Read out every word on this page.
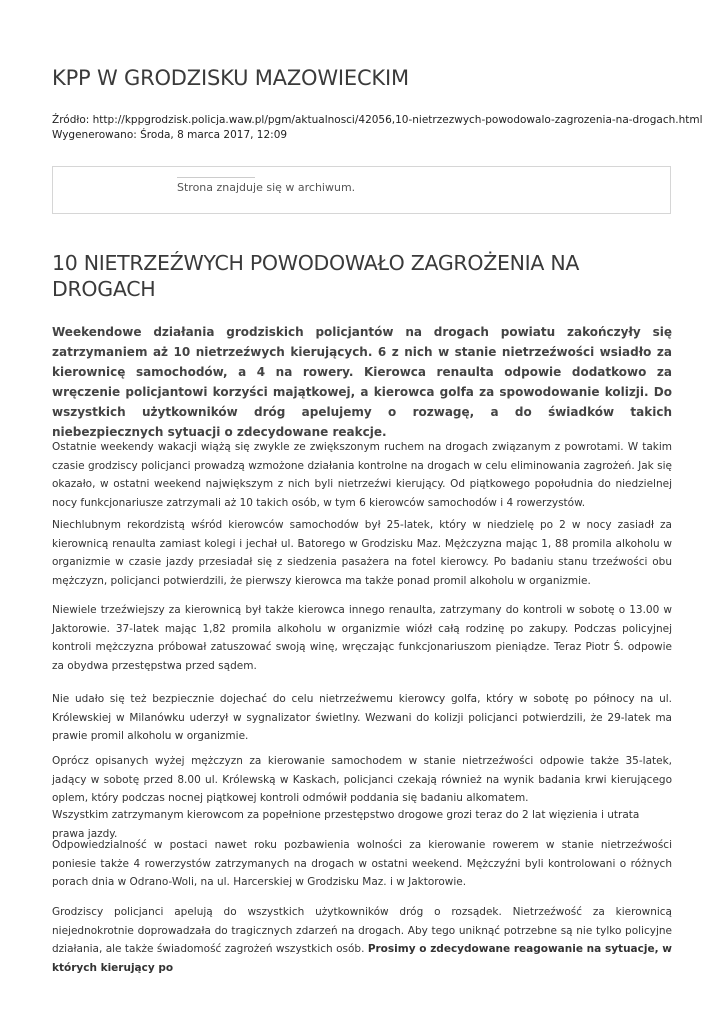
KPP W GRODZISKU MAZOWIECKIM
Źródło: http://kppgrodzisk.policja.waw.pl/pgm/aktualnosci/42056,10-nietrzezwych-powodowalo-zagrozenia-na-drogach.html
Wygenerowano: Środa, 8 marca 2017, 12:09
Strona znajduje się w archiwum.
10 NIETRZEŹWYCH POWODOWAŁO ZAGROŻENIA NA DROGACH

Weekendowe działania grodziskich policjantów na drogach powiatu zakończyły się zatrzymaniem aż 10 nietrzeźwych kierujących. 6 z nich w stanie nietrzeźwości wsiadło za kierownicę samochodów, a 4 na rowery. Kierowca renaulta odpowie dodatkowo za wręczenie policjantowi korzyści majątkowej, a kierowca golfa za spowodowanie kolizji. Do wszystkich użytkowników dróg apelujemy o rozwagę, a do świadków takich niebezpiecznych sytuacji o zdecydowane reakcje.

Ostatnie weekendy wakacji wiążą się zwykle ze zwiększonym ruchem na drogach związanym z powrotami. W takim czasie grodziscy policjanci prowadzą wzmożone działania kontrolne na drogach w celu eliminowania zagrożeń. Jak się okazało, w ostatni weekend największym z nich byli nietrzeźwi kierujący. Od piątkowego popołudnia do niedzielnej nocy funkcjonariusze zatrzymali aż 10 takich osób, w tym 6 kierowców samochodów i 4 rowerzystów.

Niechlubnym rekordzistą wśród kierowców samochodów był 25-latek, który w niedzielę po 2 w nocy zasiadł za kierownicą renaulta zamiast kolegi i jechał ul. Batorego w Grodzisku Maz. Mężczyzna mając 1, 88 promila alkoholu w organizmie w czasie jazdy przesiadał się z siedzenia pasażera na fotel kierowcy. Po badaniu stanu trzeźwości obu mężczyzn, policjanci potwierdzili, że pierwszy kierowca ma także ponad promil alkoholu w organizmie.

Niewiele trzeźwiejszy za kierownicą był także kierowca innego renaulta, zatrzymany do kontroli w sobotę o 13.00 w Jaktorowie. 37-latek mając 1,82 promila alkoholu w organizmie wiózł całą rodzinę po zakupy. Podczas policyjnej kontroli mężczyzna próbował zatuszować swoją winę, wręczając funkcjonariuszom pieniądze. Teraz Piotr Ś. odpowie za obydwa przestępstwa przed sądem.

Nie udało się też bezpiecznie dojechać do celu nietrzeźwemu kierowcy golfa, który w sobotę po północy na ul. Królewskiej w Milanówku uderzył w sygnalizator świetlny. Wezwani do kolizji policjanci potwierdzili, że 29-latek ma prawie promil alkoholu w organizmie.

Oprócz opisanych wyżej mężczyzn za kierowanie samochodem w stanie nietrzeźwości odpowie także 35-latek, jadący w sobotę przed 8.00 ul. Królewską w Kaskach, policjanci czekają również na wynik badania krwi kierującego oplem, który podczas nocnej piątkowej kontroli odmówił poddania się badaniu alkomatem.

Wszystkim zatrzymanym kierowcom za popełnione przestępstwo drogowe grozi teraz do 2 lat więzienia i utrata prawa jazdy.

Odpowiedzialność w postaci nawet roku pozbawienia wolności za kierowanie rowerem w stanie nietrzeźwości poniesie także 4 rowerzystów zatrzymanych na drogach w ostatni weekend. Mężczyźni byli kontrolowani o różnych porach dnia w Odrano-Woli, na ul. Harcerskiej w Grodzisku Maz. i w Jaktorowie.

Grodziscy policjanci apelują do wszystkich użytkowników dróg o rozsądek. Nietrzeźwość za kierownicą niejednokrotnie doprowadzała do tragicznych zdarzeń na drogach. Aby tego uniknąć potrzebne są nie tylko policyjne działania, ale także świadomość zagrożeń wszystkich osób. Prosimy o zdecydowane reagowanie na sytuacje, w których kierujący po
